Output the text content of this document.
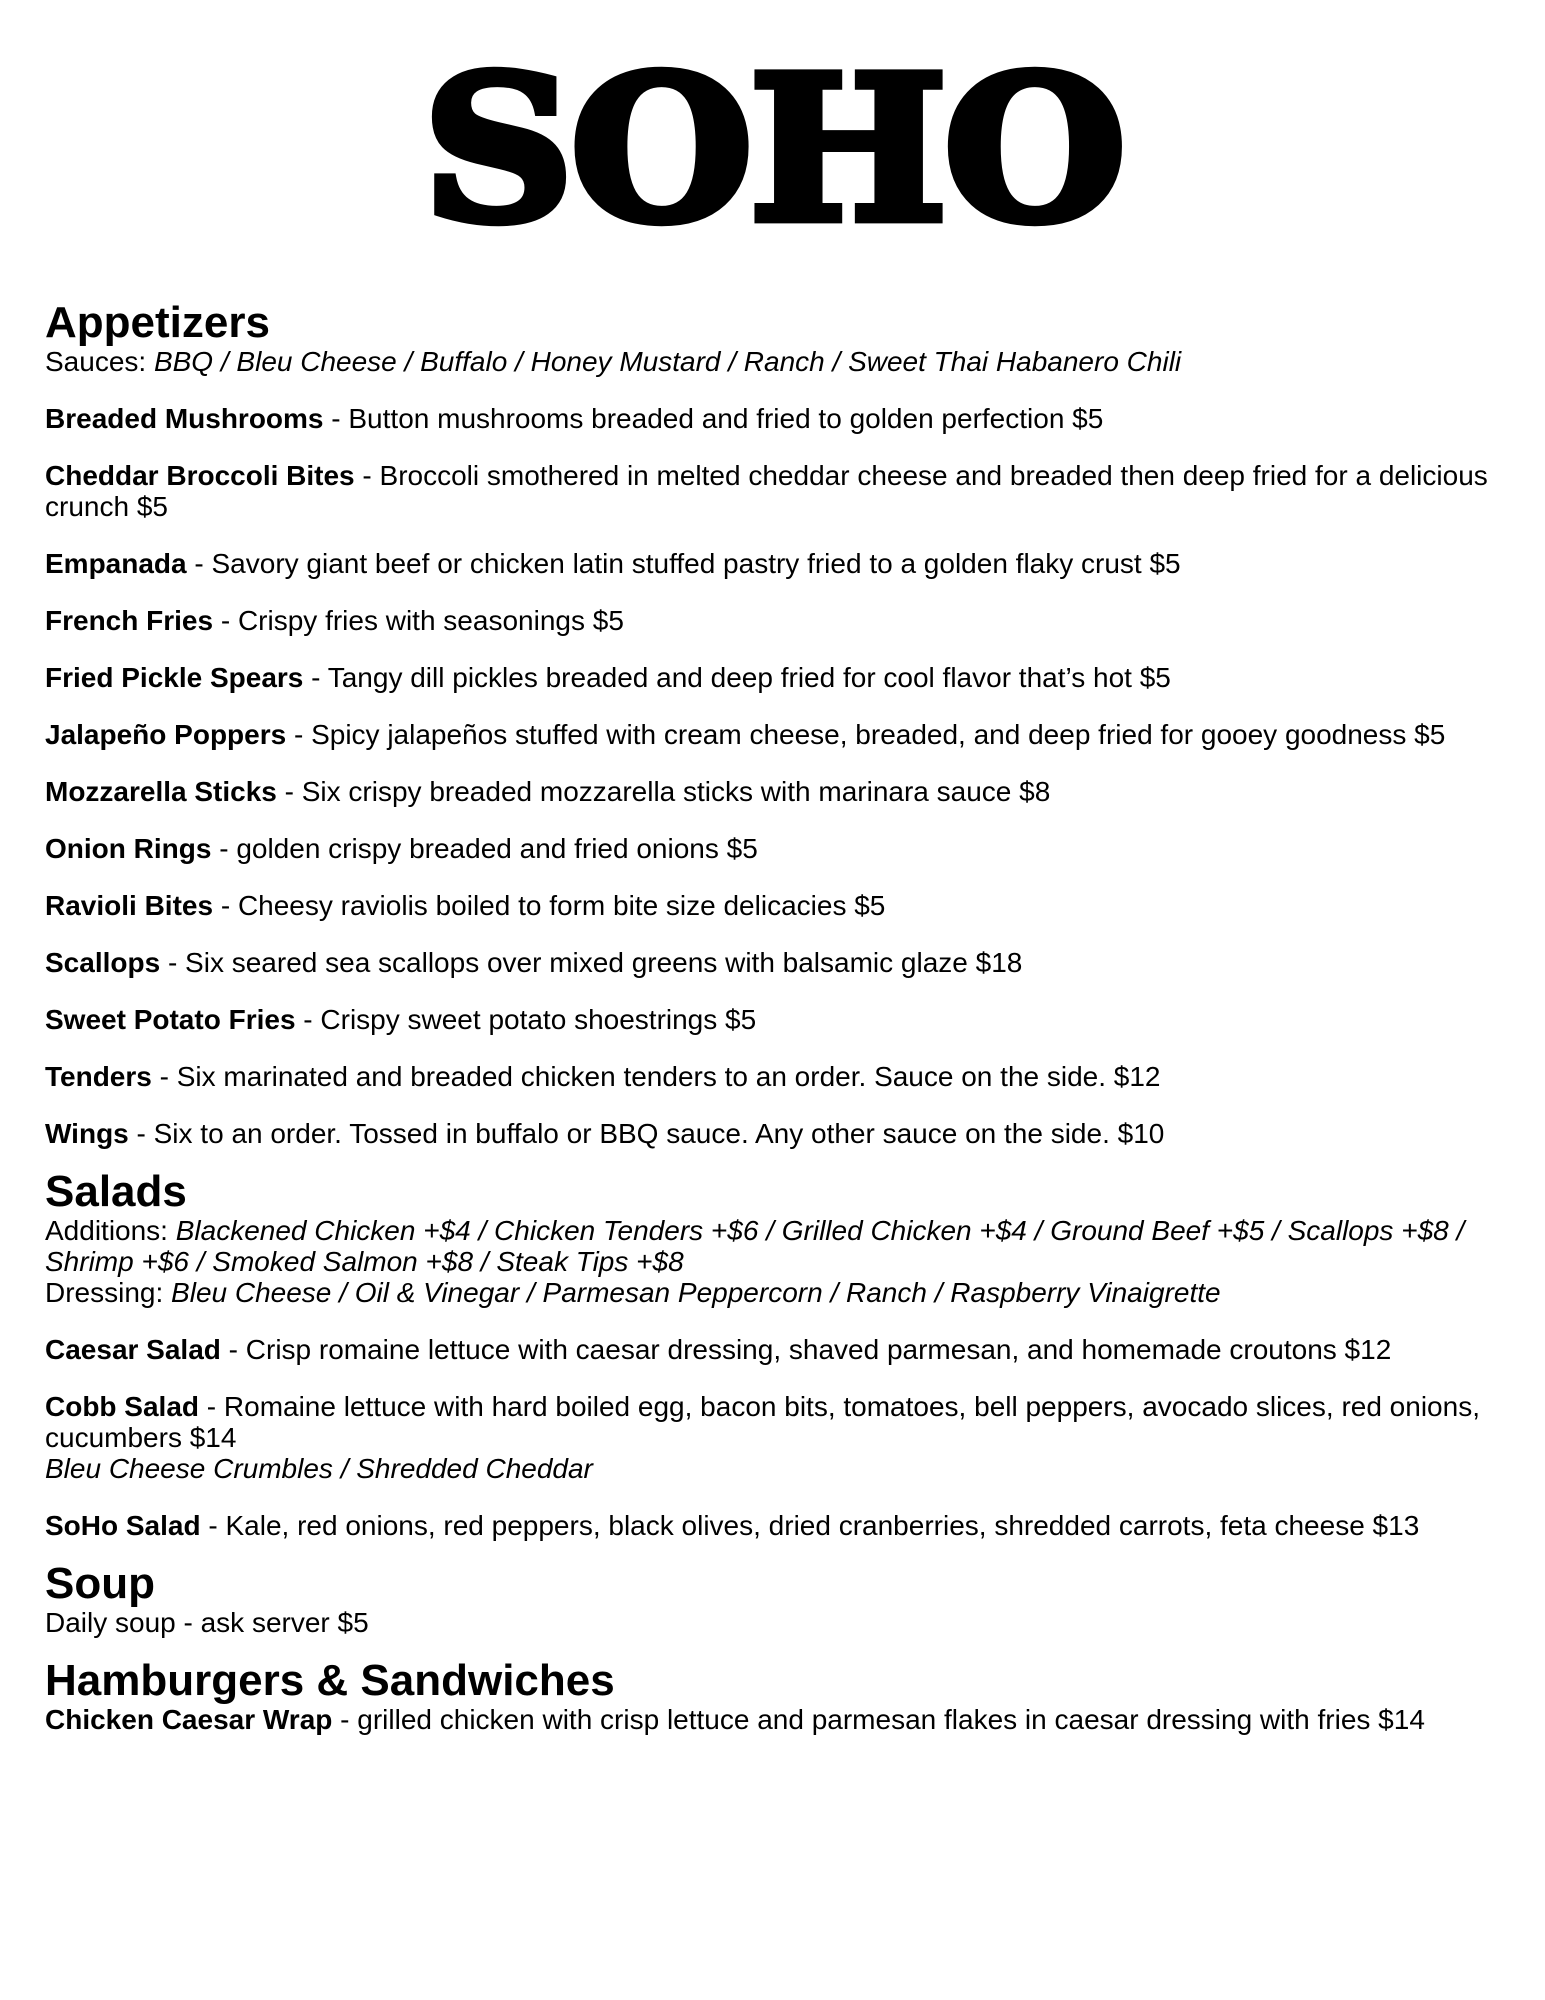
SOHO
Appetizers

Sauces: BBQ / Bleu Cheese / Buffalo / Honey Mustard / Ranch / Sweet Thai Habanero Chili

Breaded Mushrooms - Button mushrooms breaded and fried to golden perfection $5

Cheddar Broccoli Bites - Broccoli smothered in melted cheddar cheese and breaded then deep fried for a delicious crunch $5

Empanada - Savory giant beef or chicken latin stuffed pastry fried to a golden flaky crust $5

French Fries - Crispy fries with seasonings $5

Fried Pickle Spears - Tangy dill pickles breaded and deep fried for cool flavor that’s hot $5

Jalapeño Poppers - Spicy jalapeños stuffed with cream cheese, breaded, and deep fried for gooey goodness $5

Mozzarella Sticks - Six crispy breaded mozzarella sticks with marinara sauce $8

Onion Rings - golden crispy breaded and fried onions $5

Ravioli Bites - Cheesy raviolis boiled to form bite size delicacies $5

Scallops - Six seared sea scallops over mixed greens with balsamic glaze $18

Sweet Potato Fries - Crispy sweet potato shoestrings $5

Tenders - Six marinated and breaded chicken tenders to an order. Sauce on the side. $12

Wings - Six to an order. Tossed in buffalo or BBQ sauce. Any other sauce on the side. $10

Salads

Additions: Blackened Chicken +$4 / Chicken Tenders +$6 / Grilled Chicken +$4 / Ground Beef +$5 / Scallops +$8 / Shrimp +$6 / Smoked Salmon +$8 / Steak Tips +$8

Dressing: Bleu Cheese / Oil & Vinegar / Parmesan Peppercorn / Ranch / Raspberry Vinaigrette

Caesar Salad - Crisp romaine lettuce with caesar dressing, shaved parmesan, and homemade croutons $12

Cobb Salad - Romaine lettuce with hard boiled egg, bacon bits, tomatoes, bell peppers, avocado slices, red onions, cucumbers $14
Bleu Cheese Crumbles / Shredded Cheddar

SoHo Salad - Kale, red onions, red peppers, black olives, dried cranberries, shredded carrots, feta cheese $13

Soup

Daily soup - ask server $5

Hamburgers & Sandwiches

Chicken Caesar Wrap - grilled chicken with crisp lettuce and parmesan flakes in caesar dressing with fries $14
